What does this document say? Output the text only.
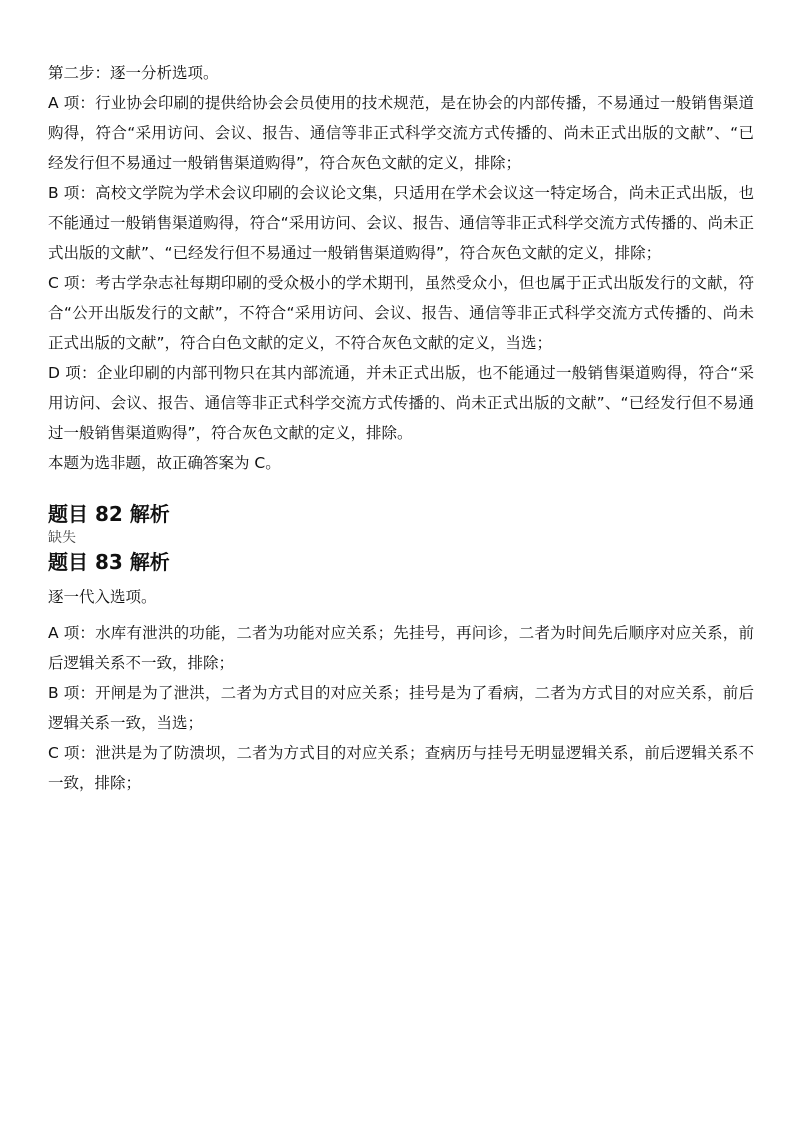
第二步：逐一分析选项。

A 项：行业协会印刷的提供给协会会员使用的技术规范，是在协会的内部传播，不易通过一般销售渠道购得，符合“采用访问、会议、报告、通信等非正式科学交流方式传播的、尚未正式出版的文献”、“已经发行但不易通过一般销售渠道购得”，符合灰色文献的定义，排除；

B 项：高校文学院为学术会议印刷的会议论文集，只适用在学术会议这一特定场合，尚未正式出版，也不能通过一般销售渠道购得，符合“采用访问、会议、报告、通信等非正式科学交流方式传播的、尚未正式出版的文献”、“已经发行但不易通过一般销售渠道购得”，符合灰色文献的定义，排除；

C 项：考古学杂志社每期印刷的受众极小的学术期刊，虽然受众小，但也属于正式出版发行的文献，符合“公开出版发行的文献”，不符合“采用访问、会议、报告、通信等非正式科学交流方式传播的、尚未正式出版的文献”，符合白色文献的定义，不符合灰色文献的定义，当选；

D 项：企业印刷的内部刊物只在其内部流通，并未正式出版，也不能通过一般销售渠道购得，符合“采用访问、会议、报告、通信等非正式科学交流方式传播的、尚未正式出版的文献”、“已经发行但不易通过一般销售渠道购得”，符合灰色文献的定义，排除。

本题为选非题，故正确答案为 C。

题目 82 解析

缺失

题目 83 解析

逐一代入选项。

A 项：水库有泄洪的功能，二者为功能对应关系；先挂号，再问诊，二者为时间先后顺序对应关系，前后逻辑关系不一致，排除；

B 项：开闸是为了泄洪，二者为方式目的对应关系；挂号是为了看病，二者为方式目的对应关系，前后逻辑关系一致，当选；

C 项：泄洪是为了防溃坝，二者为方式目的对应关系；查病历与挂号无明显逻辑关系，前后逻辑关系不一致，排除；
